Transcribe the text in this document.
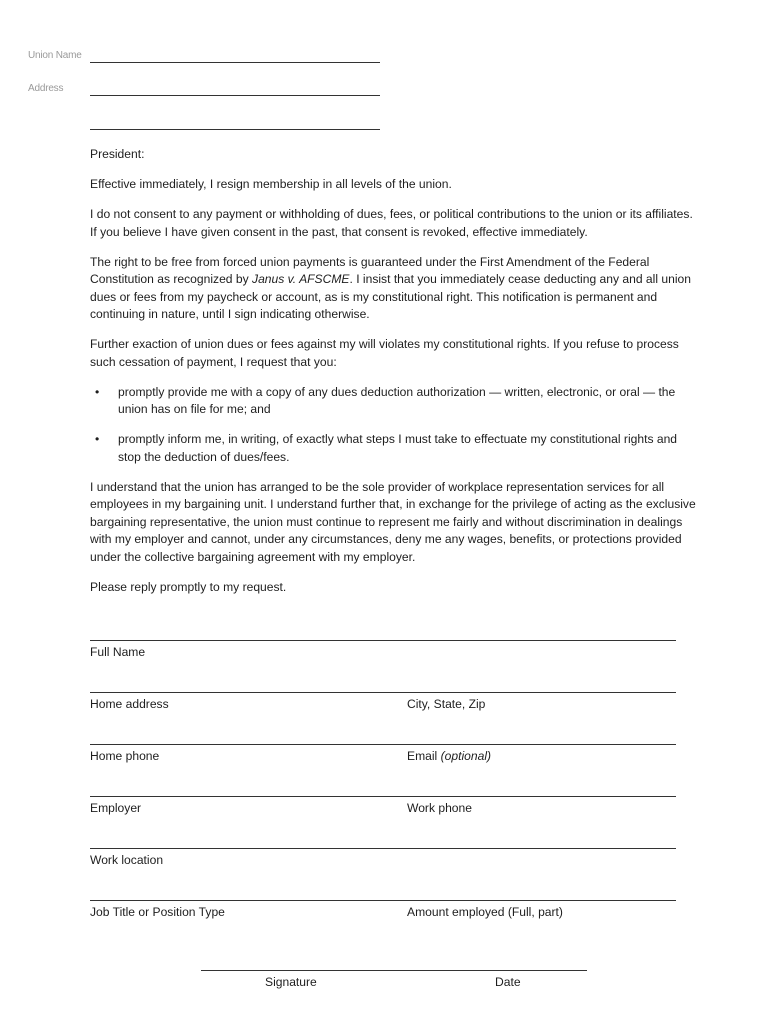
Union Name
Address

President:

Effective immediately, I resign membership in all levels of the union.

I do not consent to any payment or withholding of dues, fees, or political contributions to the union or its affiliates. If you believe I have given consent in the past, that consent is revoked, effective immediately.

The right to be free from forced union payments is guaranteed under the First Amendment of the Federal Constitution as recognized by Janus v. AFSCME. I insist that you immediately cease deducting any and all union dues or fees from my paycheck or account, as is my constitutional right. This notification is permanent and continuing in nature, until I sign indicating otherwise.

Further exaction of union dues or fees against my will violates my constitutional rights. If you refuse to process such cessation of payment, I request that you:

• promptly provide me with a copy of any dues deduction authorization — written, electronic, or oral — the union has on file for me; and
• promptly inform me, in writing, of exactly what steps I must take to effectuate my constitutional rights and stop the deduction of dues/fees.

I understand that the union has arranged to be the sole provider of workplace representation services for all employees in my bargaining unit. I understand further that, in exchange for the privilege of acting as the exclusive bargaining representative, the union must continue to represent me fairly and without discrimination in dealings with my employer and cannot, under any circumstances, deny me any wages, benefits, or protections provided under the collective bargaining agreement with my employer.

Please reply promptly to my request.

Full Name
Home address	City, State, Zip
Home phone	Email (optional)
Employer	Work phone
Work location
Job Title or Position Type	Amount employed (Full, part)
Signature	Date
